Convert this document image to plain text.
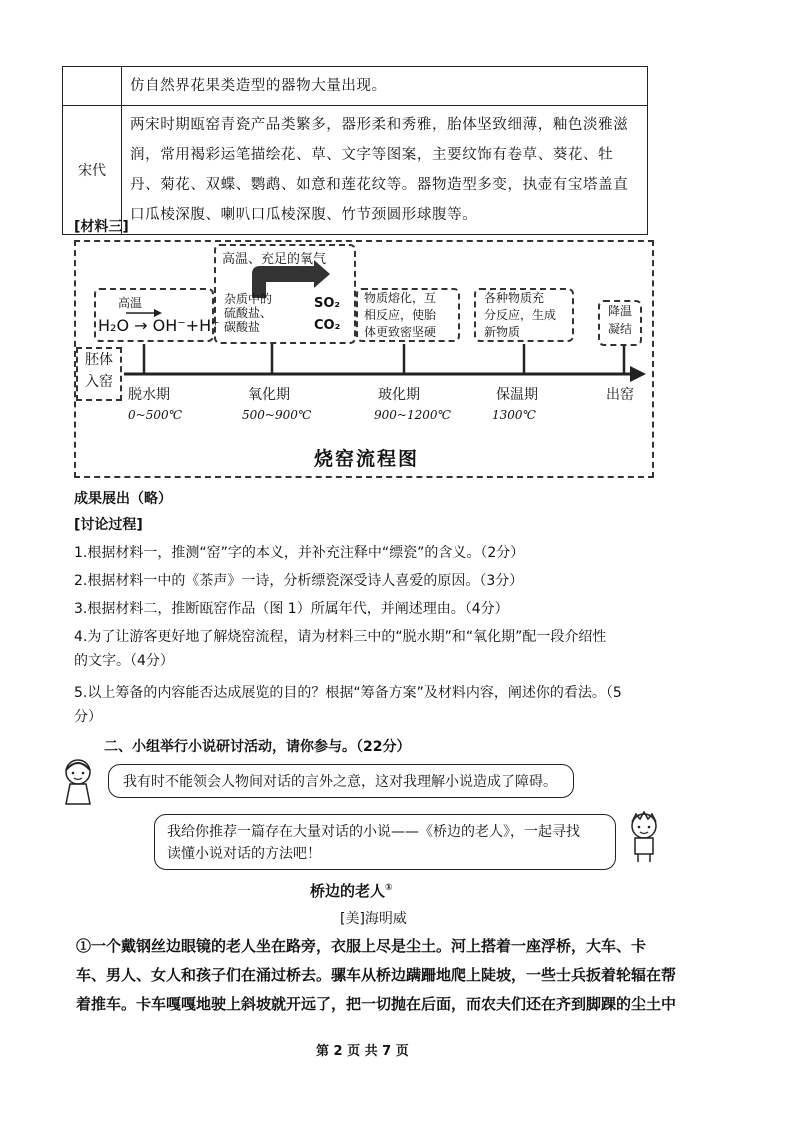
	仿自然界花果类造型的器物大量出现。
宋代	两宋时期瓯窑青瓷产品类繁多，器形柔和秀雅，胎体坚致细薄，釉色淡雅滋润，常用褐彩运笔描绘花、草、文字等图案，主要纹饰有卷草、葵花、牡丹、菊花、双蝶、鹦鹉、如意和莲花纹等。器物造型多变，执壶有宝塔盖直口瓜棱深腹、喇叭口瓜棱深腹、竹节颈圆形球腹等。
[材料三]
胚体
入窑
高温
H₂O → OH⁻+H⁺
高温、充足的氧气
杂质中的
硫酸盐、
碳酸盐
SO₂
CO₂
物质熔化，互
相反应，使胎
体更致密坚硬
各种物质充
分反应，生成
新物质
降温
凝结
脱水期
0~500℃
氧化期
500~900℃
玻化期
900~1200℃
保温期
1300℃
出窑
烧窑流程图
成果展出（略）
[讨论过程]
1.根据材料一，推测“窑”字的本义，并补充注释中“缥瓷”的含义。（2分）
2.根据材料一中的《茶声》一诗，分析缥瓷深受诗人喜爱的原因。（3分）
3.根据材料二，推断瓯窑作品（图 1）所属年代，并阐述理由。（4分）
4.为了让游客更好地了解烧窑流程，请为材料三中的“脱水期”和“氧化期”配一段介绍性
的文字。（4分）
5.以上筹备的内容能否达成展览的目的？根据“筹备方案”及材料内容，阐述你的看法。（5
分）
二、小组举行小说研讨活动，请你参与。（22分）
我有时不能领会人物间对话的言外之意，这对我理解小说造成了障碍。
我给你推荐一篇存在大量对话的小说——《桥边的老人》，一起寻找
读懂小说对话的方法吧！
桥边的老人①
[美]海明威
①一个戴钢丝边眼镜的老人坐在路旁，衣服上尽是尘土。河上搭着一座浮桥，大车、卡
车、男人、女人和孩子们在涌过桥去。骡车从桥边蹒跚地爬上陡坡，一些士兵扳着轮辐在帮
着推车。卡车嘎嘎地驶上斜坡就开远了，把一切抛在后面，而农夫们还在齐到脚踝的尘土中
第 2 页 共 7 页
